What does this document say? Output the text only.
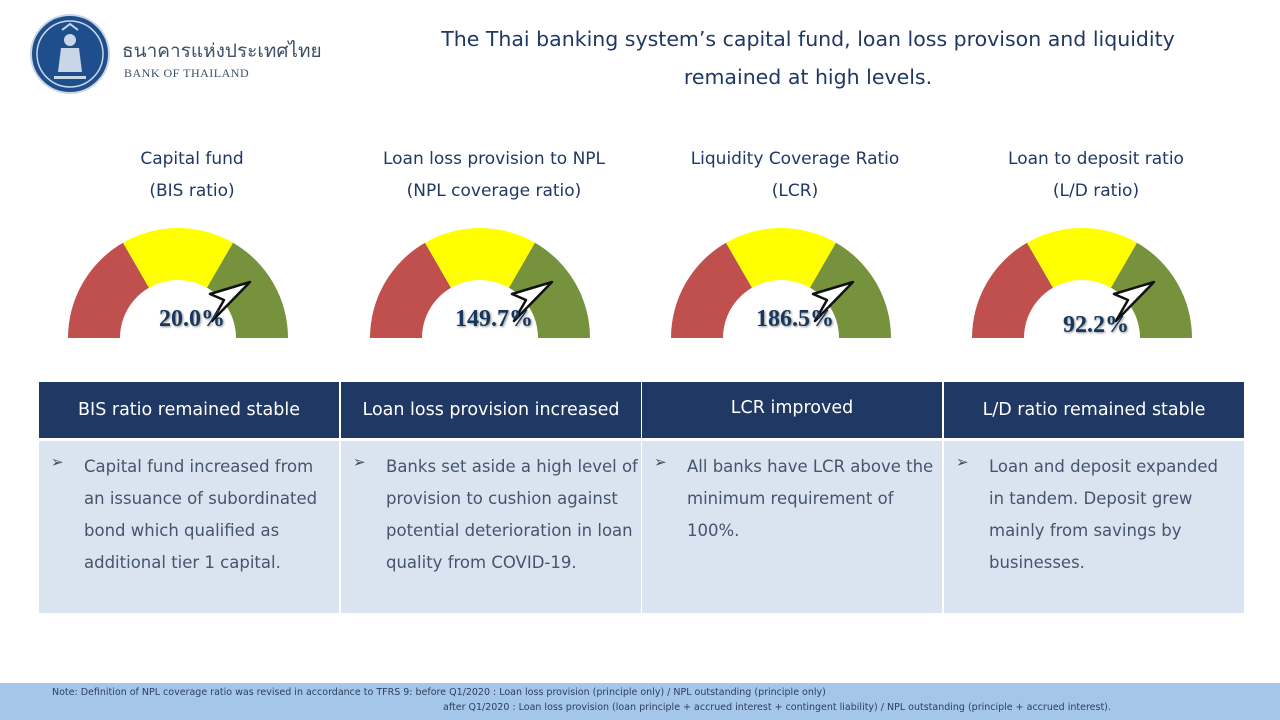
ธนาคารแห่งประเทศไทย
BANK OF THAILAND
The Thai banking system’s capital fund, loan loss provison and liquidity
remained at high levels.
Capital fund
(BIS ratio)
20.0%
Loan loss provision to NPL
(NPL coverage ratio)
149.7%
Liquidity Coverage Ratio
(LCR)
186.5%
Loan to deposit ratio
(L/D ratio)
92.2%
BIS ratio remained stable
➢ Capital fund increased from
an issuance of subordinated
bond which qualified as
additional tier 1 capital.
Loan loss provision increased
➢ Banks set aside a high level of
provision to cushion against
potential deterioration in loan
quality from COVID-19.
LCR improved
➢ All banks have LCR above the
minimum requirement of
100%.
L/D ratio remained stable
➢ Loan and deposit expanded
in tandem. Deposit grew
mainly from savings by
businesses.
Note: Definition of NPL coverage ratio was revised in accordance to TFRS 9: before Q1/2020 : Loan loss provision (principle only) / NPL outstanding (principle only)
after Q1/2020 : Loan loss provision (loan principle + accrued interest + contingent liability) / NPL outstanding (principle + accrued interest).
